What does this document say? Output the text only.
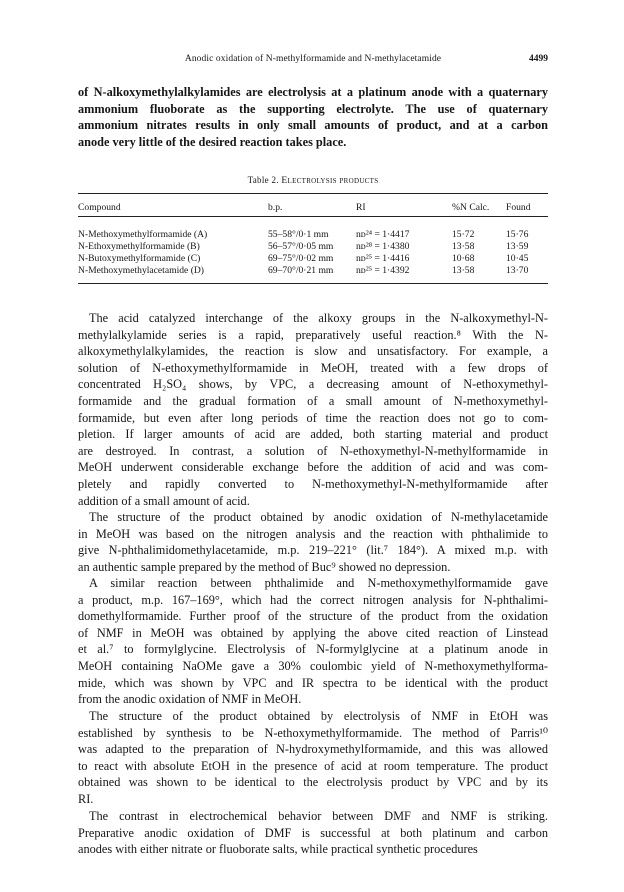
Anodic oxidation of N-methylformamide and N-methylacetamide	4499
of N-alkoxymethylalkylamides are electrolysis at a platinum anode with a quaternary
ammonium fluoborate as the supporting electrolyte. The use of quaternary
ammonium nitrates results in only small amounts of product, and at a carbon
anode very little of the desired reaction takes place.
Table 2. Electrolysis products
Compound	b.p.	RI	%N Calc.	Found

N-Methoxymethylformamide (A)	55–58°/0·1 mm	nᴅ²⁴ = 1·4417	15·72	15·76
N-Ethoxymethylformamide (B)	56–57°/0·05 mm	nᴅ²⁸ = 1·4380	13·58	13·59
N-Butoxymethylformamide (C)	69–75°/0·02 mm	nᴅ²⁵ = 1·4416	10·68	10·45
N-Methoxymethylacetamide (D)	69–70°/0·21 mm	nᴅ²⁵ = 1·4392	13·58	13·70
The acid catalyzed interchange of the alkoxy groups in the N-alkoxymethyl-N-
methylalkylamide series is a rapid, preparatively useful reaction.⁸ With the N-
alkoxymethylalkylamides, the reaction is slow and unsatisfactory. For example, a
solution of N-ethoxymethylformamide in MeOH, treated with a few drops of
concentrated H₂SO₄ shows, by VPC, a decreasing amount of N-ethoxymethyl-
formamide and the gradual formation of a small amount of N-methoxymethyl-
formamide, but even after long periods of time the reaction does not go to com-
pletion. If larger amounts of acid are added, both starting material and product
are destroyed. In contrast, a solution of N-ethoxymethyl-N-methylformamide in
MeOH underwent considerable exchange before the addition of acid and was com-
pletely and rapidly converted to N-methoxymethyl-N-methylformamide after
addition of a small amount of acid.
The structure of the product obtained by anodic oxidation of N-methylacetamide
in MeOH was based on the nitrogen analysis and the reaction with phthalimide to
give N-phthalimidomethylacetamide, m.p. 219–221° (lit.⁷ 184°). A mixed m.p. with
an authentic sample prepared by the method of Buc⁹ showed no depression.
A similar reaction between phthalimide and N-methoxymethylformamide gave
a product, m.p. 167–169°, which had the correct nitrogen analysis for N-phthalimi-
domethylformamide. Further proof of the structure of the product from the oxidation
of NMF in MeOH was obtained by applying the above cited reaction of Linstead
et al.⁷ to formylglycine. Electrolysis of N-formylglycine at a platinum anode in
MeOH containing NaOMe gave a 30% coulombic yield of N-methoxymethylforma-
mide, which was shown by VPC and IR spectra to be identical with the product
from the anodic oxidation of NMF in MeOH.
The structure of the product obtained by electrolysis of NMF in EtOH was
established by synthesis to be N-ethoxymethylformamide. The method of Parris¹⁰
was adapted to the preparation of N-hydroxymethylformamide, and this was allowed
to react with absolute EtOH in the presence of acid at room temperature. The product
obtained was shown to be identical to the electrolysis product by VPC and by its
RI.
The contrast in electrochemical behavior between DMF and NMF is striking.
Preparative anodic oxidation of DMF is successful at both platinum and carbon
anodes with either nitrate or fluoborate salts, while practical synthetic procedures
